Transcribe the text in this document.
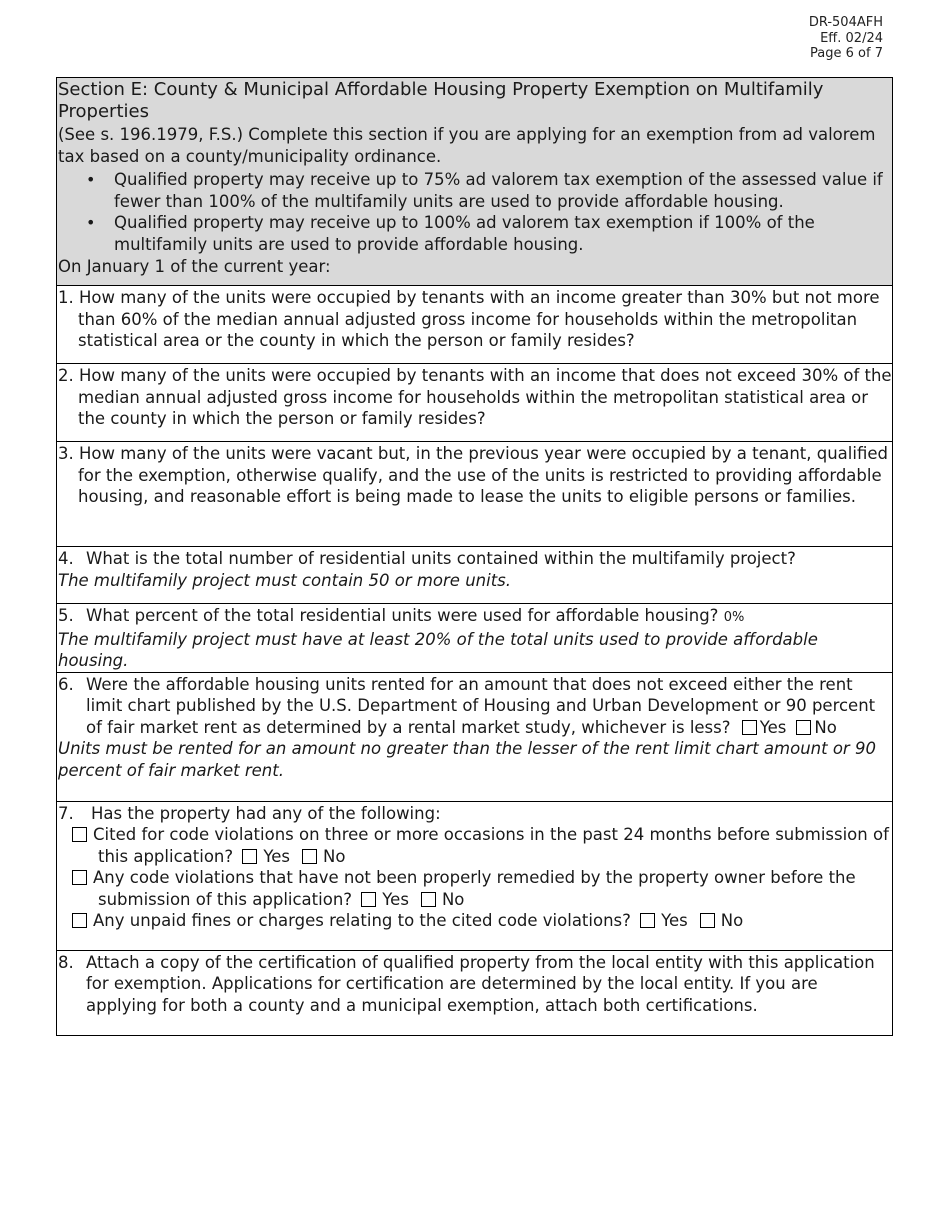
DR-504AFH
Eff. 02/24
Page 6 of 7
Section E: County & Municipal Affordable Housing Property Exemption on Multifamily Properties

(See s. 196.1979, F.S.) Complete this section if you are applying for an exemption from ad valorem tax based on a county/municipality ordinance.

• Qualified property may receive up to 75% ad valorem tax exemption of the assessed value if fewer than 100% of the multifamily units are used to provide affordable housing.
• Qualified property may receive up to 100% ad valorem tax exemption if 100% of the multifamily units are used to provide affordable housing.

On January 1 of the current year:

1. How many of the units were occupied by tenants with an income greater than 30% but not more than 60% of the median annual adjusted gross income for households within the metropolitan statistical area or the county in which the person or family resides?

2. How many of the units were occupied by tenants with an income that does not exceed 30% of the median annual adjusted gross income for households within the metropolitan statistical area or the county in which the person or family resides?

3. How many of the units were vacant but, in the previous year were occupied by a tenant, qualified for the exemption, otherwise qualify, and the use of the units is restricted to providing affordable housing, and reasonable effort is being made to lease the units to eligible persons or families.

4. What is the total number of residential units contained within the multifamily project?

The multifamily project must contain 50 or more units.

5. What percent of the total residential units were used for affordable housing? 0%

The multifamily project must have at least 20% of the total units used to provide affordable housing.

6. Were the affordable housing units rented for an amount that does not exceed either the rent limit chart published by the U.S. Department of Housing and Urban Development or 90 percent of fair market rent as determined by a rental market study, whichever is less? Yes No

Units must be rented for an amount no greater than the lesser of the rent limit chart amount or 90 percent of fair market rent.

7. Has the property had any of the following:

Cited for code violations on three or more occasions in the past 24 months before submission of this application? Yes No

Any code violations that have not been properly remedied by the property owner before the submission of this application? Yes No

Any unpaid fines or charges relating to the cited code violations? Yes No

8. Attach a copy of the certification of qualified property from the local entity with this application for exemption. Applications for certification are determined by the local entity. If you are applying for both a county and a municipal exemption, attach both certifications.
